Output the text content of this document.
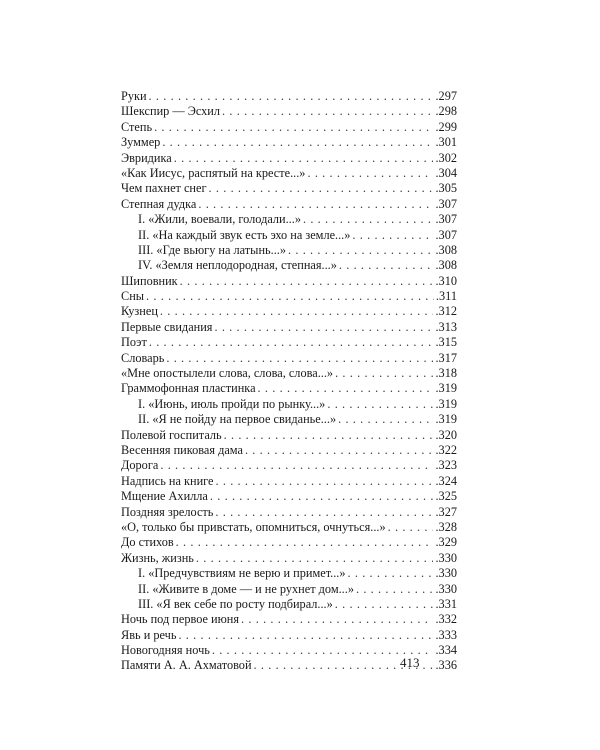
Руки . . .	.297
Шекспир — Эсхил . . .	.298
Степь . . .	.299
Зуммер . . .	.301
Эвридика . . .	.302
«Как Иисус, распятый на кресте...» . . .	.304
Чем пахнет снег . . .	.305
Степная дудка . . .	.307
I. «Жили, воевали, голодали...» . . .	.307
II. «На каждый звук есть эхо на земле...» . . .	.307
III. «Где вьюгу на латынь...» . . .	.308
IV. «Земля неплодородная, степная...» . . .	.308
Шиповник . . .	.310
Сны . . .	.311
Кузнец . . .	.312
Первые свидания . . .	.313
Поэт . . .	.315
Словарь . . .	.317
«Мне опостылели слова, слова, слова...» . . .	.318
Граммофонная пластинка . . .	.319
I. «Июнь, июль пройди по рынку...» . . .	.319
II. «Я не пойду на первое свиданье...» . . .	.319
Полевой госпиталь . . .	.320
Весенняя пиковая дама . . .	.322
Дорога . . .	.323
Надпись на книге . . .	.324
Мщение Ахилла . . .	.325
Поздняя зрелость . . .	.327
«О, только бы привстать, опомниться, очнуться...» . . .	.328
До стихов . . .	.329
Жизнь, жизнь . . .	.330
I. «Предчувствиям не верю и примет...» . . .	.330
II. «Живите в доме — и не рухнет дом...» . . .	.330
III. «Я век себе по росту подбирал...» . . .	.331
Ночь под первое июня . . .	.332
Явь и речь . . .	.333
Новогодняя ночь . . .	.334
Памяти А. А. Ахматовой . . .	.336
413
